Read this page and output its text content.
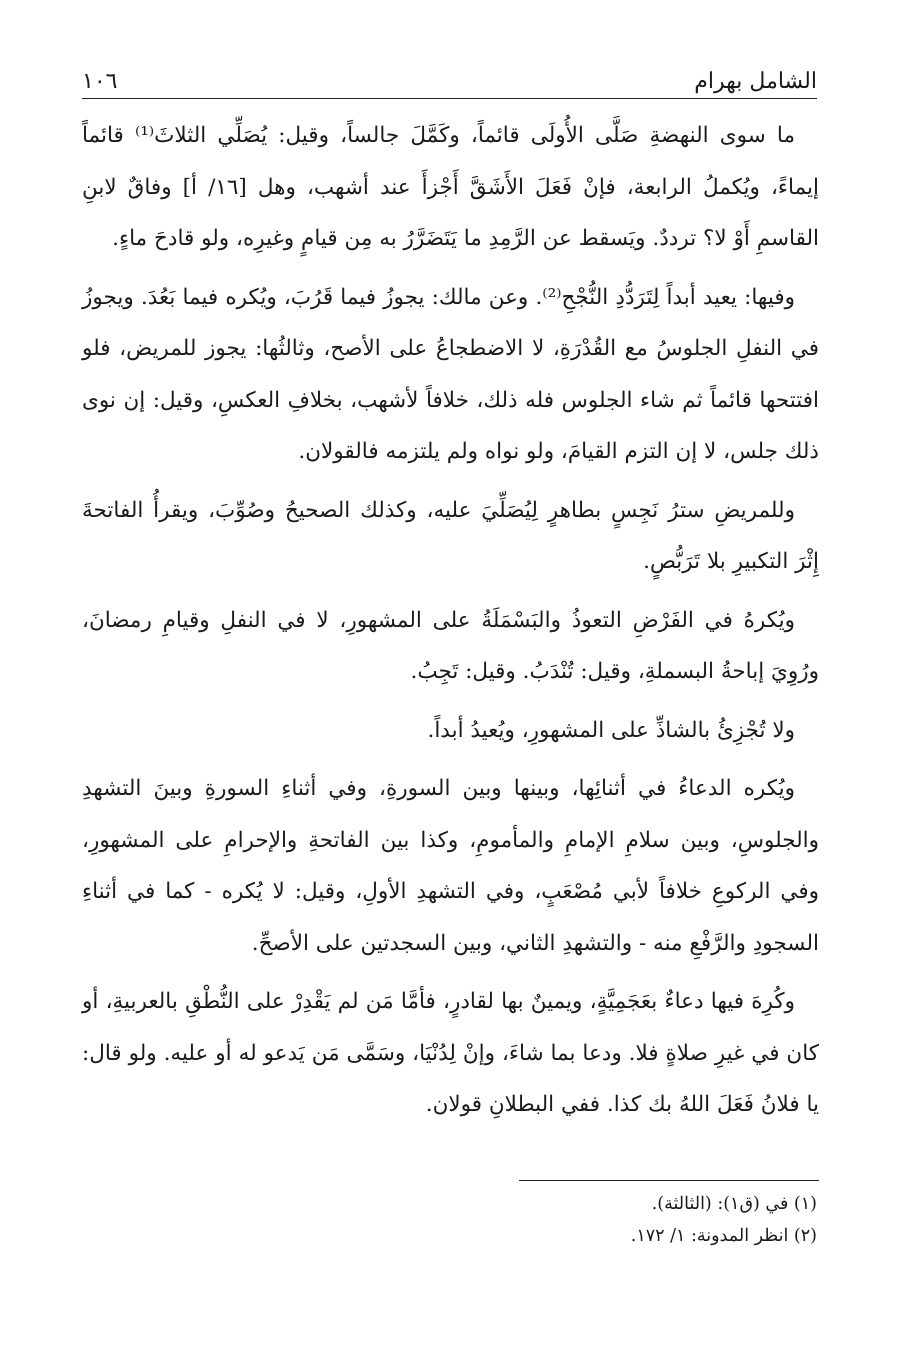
الشامل بهرام
١٠٦

ما سوى النهضةِ صَلَّى الأُولَى قائماً، وكَمَّلَ جالساً، وقيل: يُصَلِّي الثلاثَ⁽¹⁾ قائماً إيماءً، ويُكملُ الرابعة، فإنْ فَعَلَ الأَشَقَّ أَجْزأَ عند أشهب، وهل [١٦/ أ] وفاقٌ لابنِ القاسمِ أَوْ لا؟ ترددٌ. ويَسقط عن الرَّمِدِ ما يَتَضَرَّرُ به مِن قيامٍ وغيرِه، ولو قادحَ ماءٍ.

وفيها: يعيد أبداً لِتَرَدُّدِ النُّجْحِ⁽²⁾. وعن مالك: يجوزُ فيما قَرُبَ، ويُكره فيما بَعُدَ. ويجوزُ في النفلِ الجلوسُ مع القُدْرَةِ، لا الاضطجاعُ على الأصح، وثالثُها: يجوز للمريض، فلو افتتحها قائماً ثم شاء الجلوس فله ذلك، خلافاً لأشهب، بخلافِ العكسِ، وقيل: إن نوى ذلك جلس، لا إن التزم القيامَ، ولو نواه ولم يلتزمه فالقولان.

وللمريضِ سترُ نَجِسٍ بطاهرٍ لِيُصَلِّيَ عليه، وكذلك الصحيحُ وصُوِّبَ، ويقرأُ الفاتحةَ إِثْرَ التكبيرِ بلا تَرَبُّصٍ.

ويُكرهُ في الفَرْضِ التعوذُ والبَسْمَلَةُ على المشهورِ، لا في النفلِ وقيامِ رمضانَ، ورُوِيَ إباحةُ البسملةِ، وقيل: تُنْدَبُ. وقيل: تَجِبُ.

ولا تُجْزِئُ بالشاذِّ على المشهورِ، ويُعيدُ أبداً.

ويُكره الدعاءُ في أثنائِها، وبينها وبين السورةِ، وفي أثناءِ السورةِ وبينَ التشهدِ والجلوسِ، وبين سلامِ الإمامِ والمأمومِ، وكذا بين الفاتحةِ والإحرامِ على المشهورِ، وفي الركوعِ خلافاً لأبي مُصْعَبٍ، وفي التشهدِ الأولِ، وقيل: لا يُكره - كما في أثناءِ السجودِ والرَّفْعِ منه - والتشهدِ الثاني، وبين السجدتين على الأصحِّ.

وكُرِهَ فيها دعاءٌ بعَجَمِيَّةٍ، ويمينٌ بها لقادرٍ، فأمَّا مَن لم يَقْدِرْ على النُّطْقِ بالعربيةِ، أو كان في غيرِ صلاةٍ فلا. ودعا بما شاءَ، وإنْ لِدُنْيَا، وسَمَّى مَن يَدعو له أو عليه. ولو قال: يا فلانُ فَعَلَ اللهُ بك كذا. ففي البطلانِ قولان.

(١) في (ق١): (الثالثة).

(٢) انظر المدونة: ١/ ١٧٢.
